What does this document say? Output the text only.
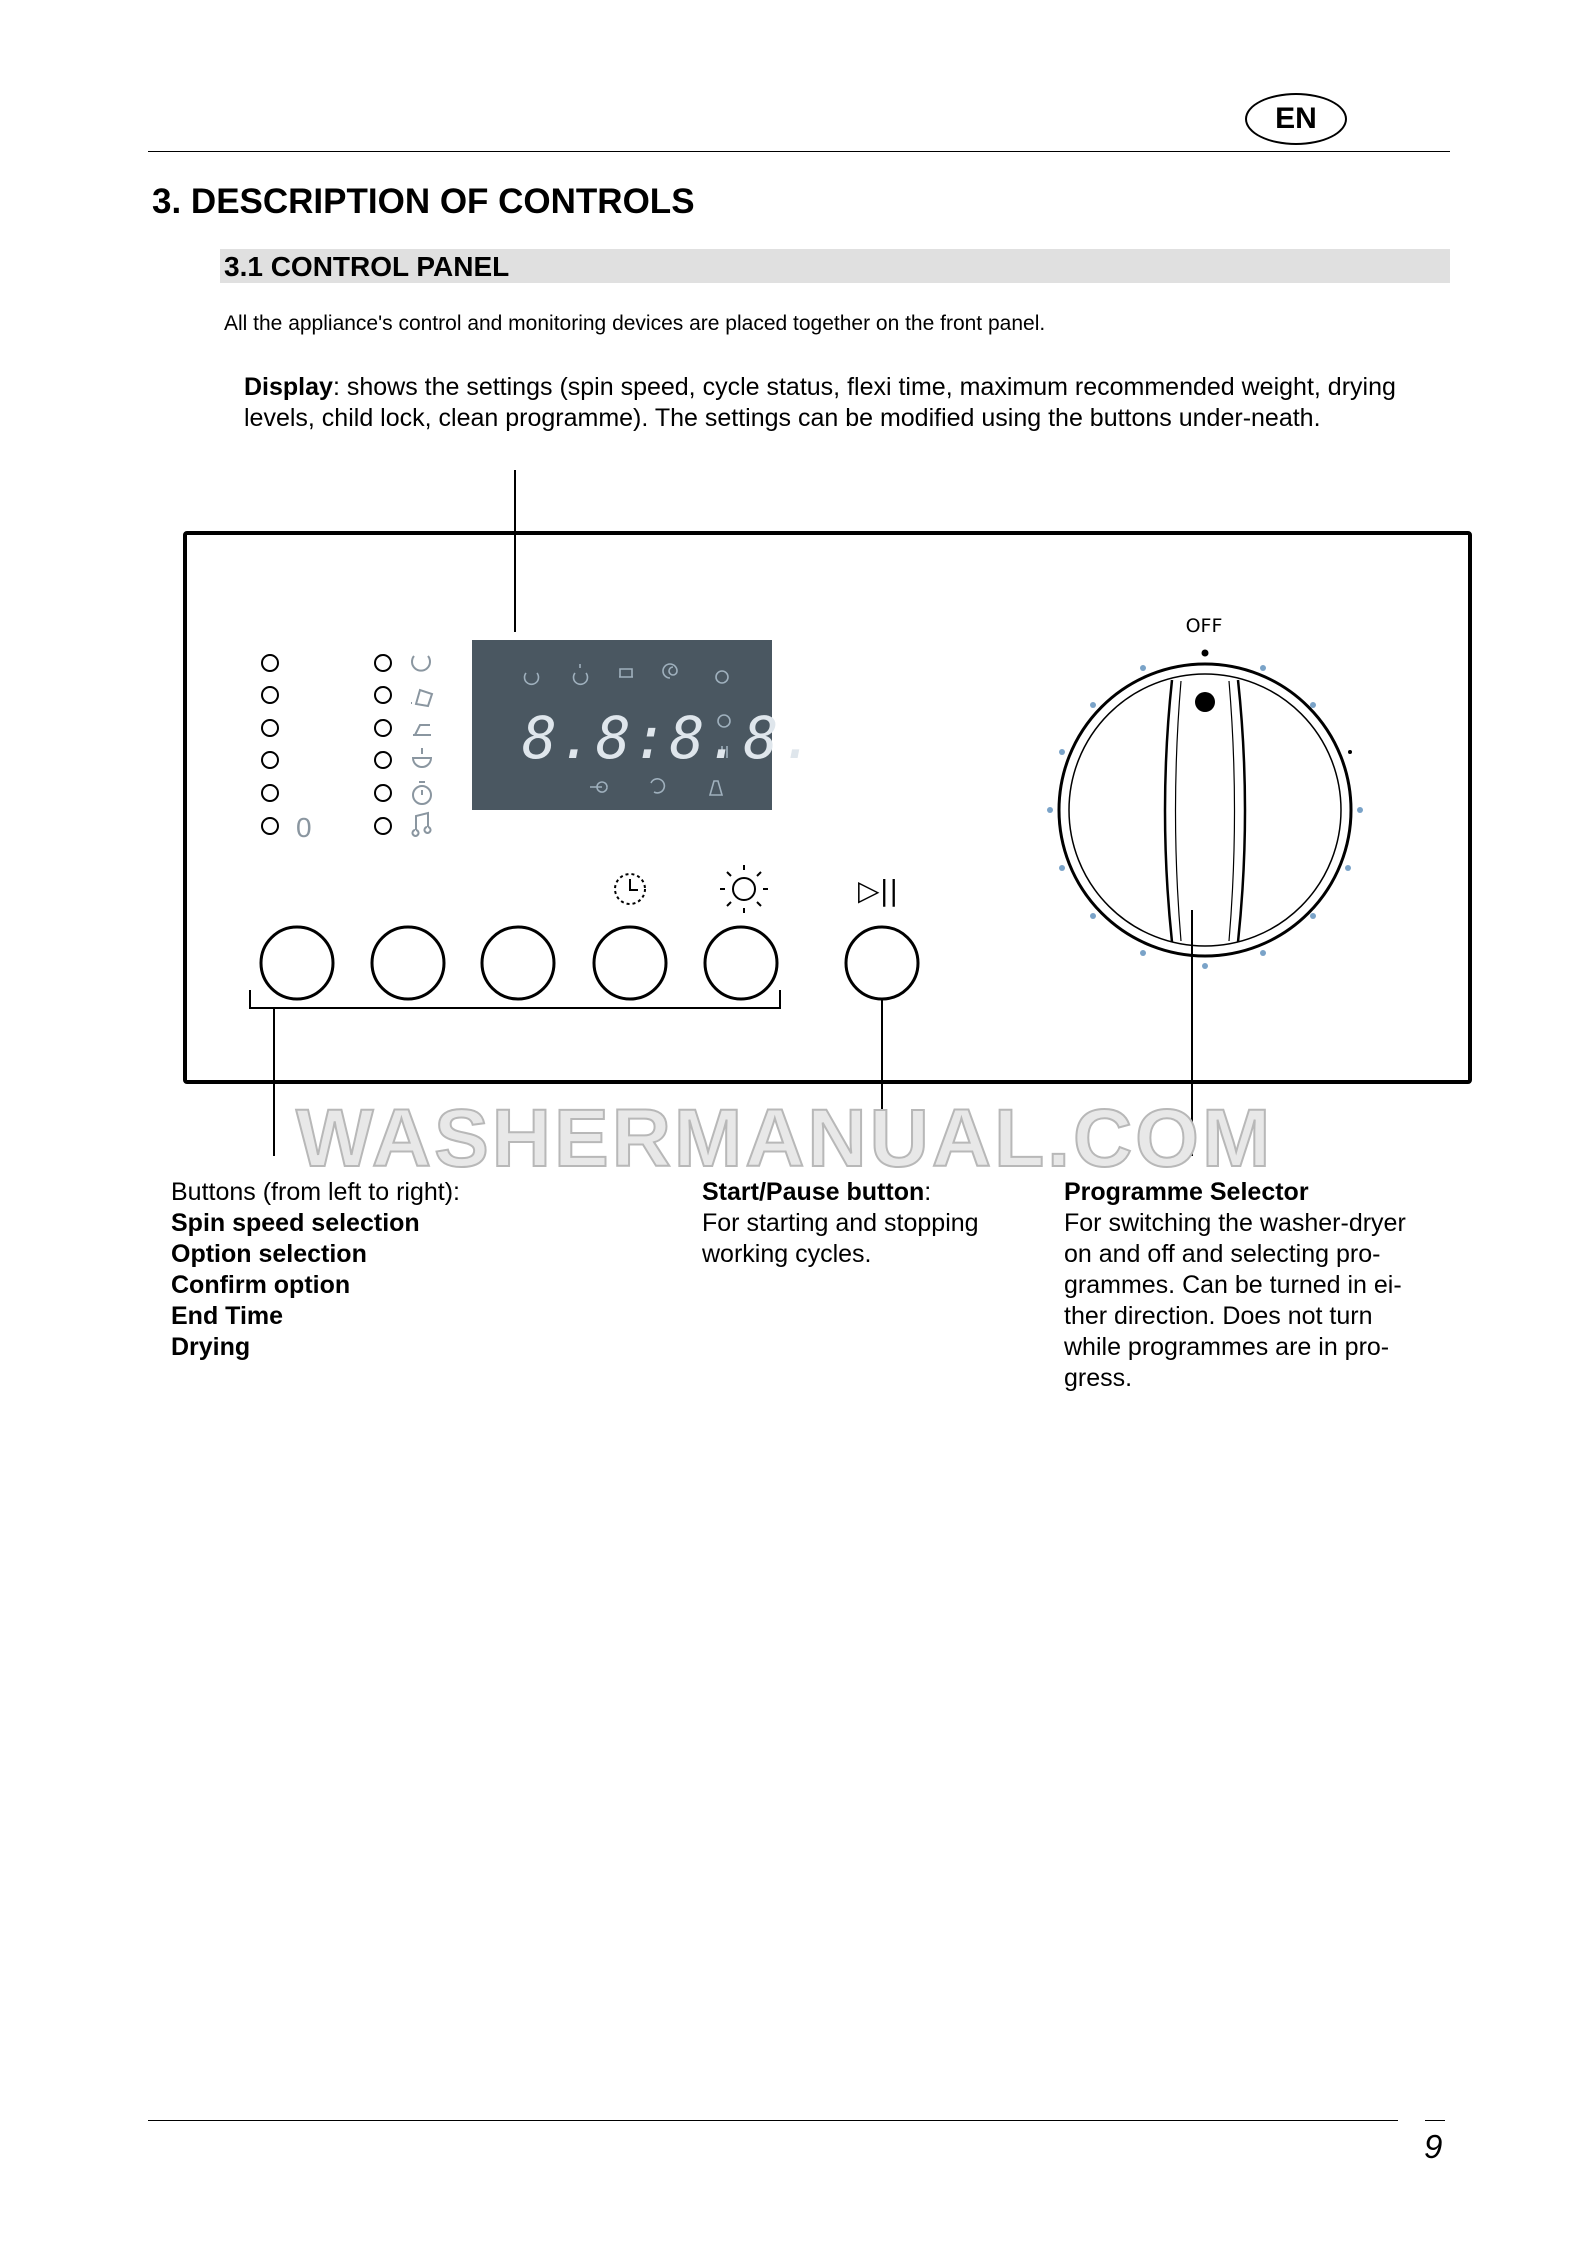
EN
3. DESCRIPTION OF CONTROLS
3.1 CONTROL PANEL
All the appliance's control and monitoring devices are placed together on the front panel.
Display: shows the settings (spin speed, cycle status, flexi time, maximum recommended weight, drying levels, child lock, clean programme). The settings can be modified using the buttons under-neath.
0
8.8:8.8.
▷||
OFF
WASHERMANUAL.COM
Buttons (from left to right):
Spin speed selection
Option selection
Confirm option
End Time
Drying
Start/Pause button:
For starting and stopping
working cycles.
Programme Selector
For switching the washer-dryer
on and off and selecting pro-
grammes. Can be turned in ei-
ther direction. Does not turn
while programmes are in pro-
gress.
9
